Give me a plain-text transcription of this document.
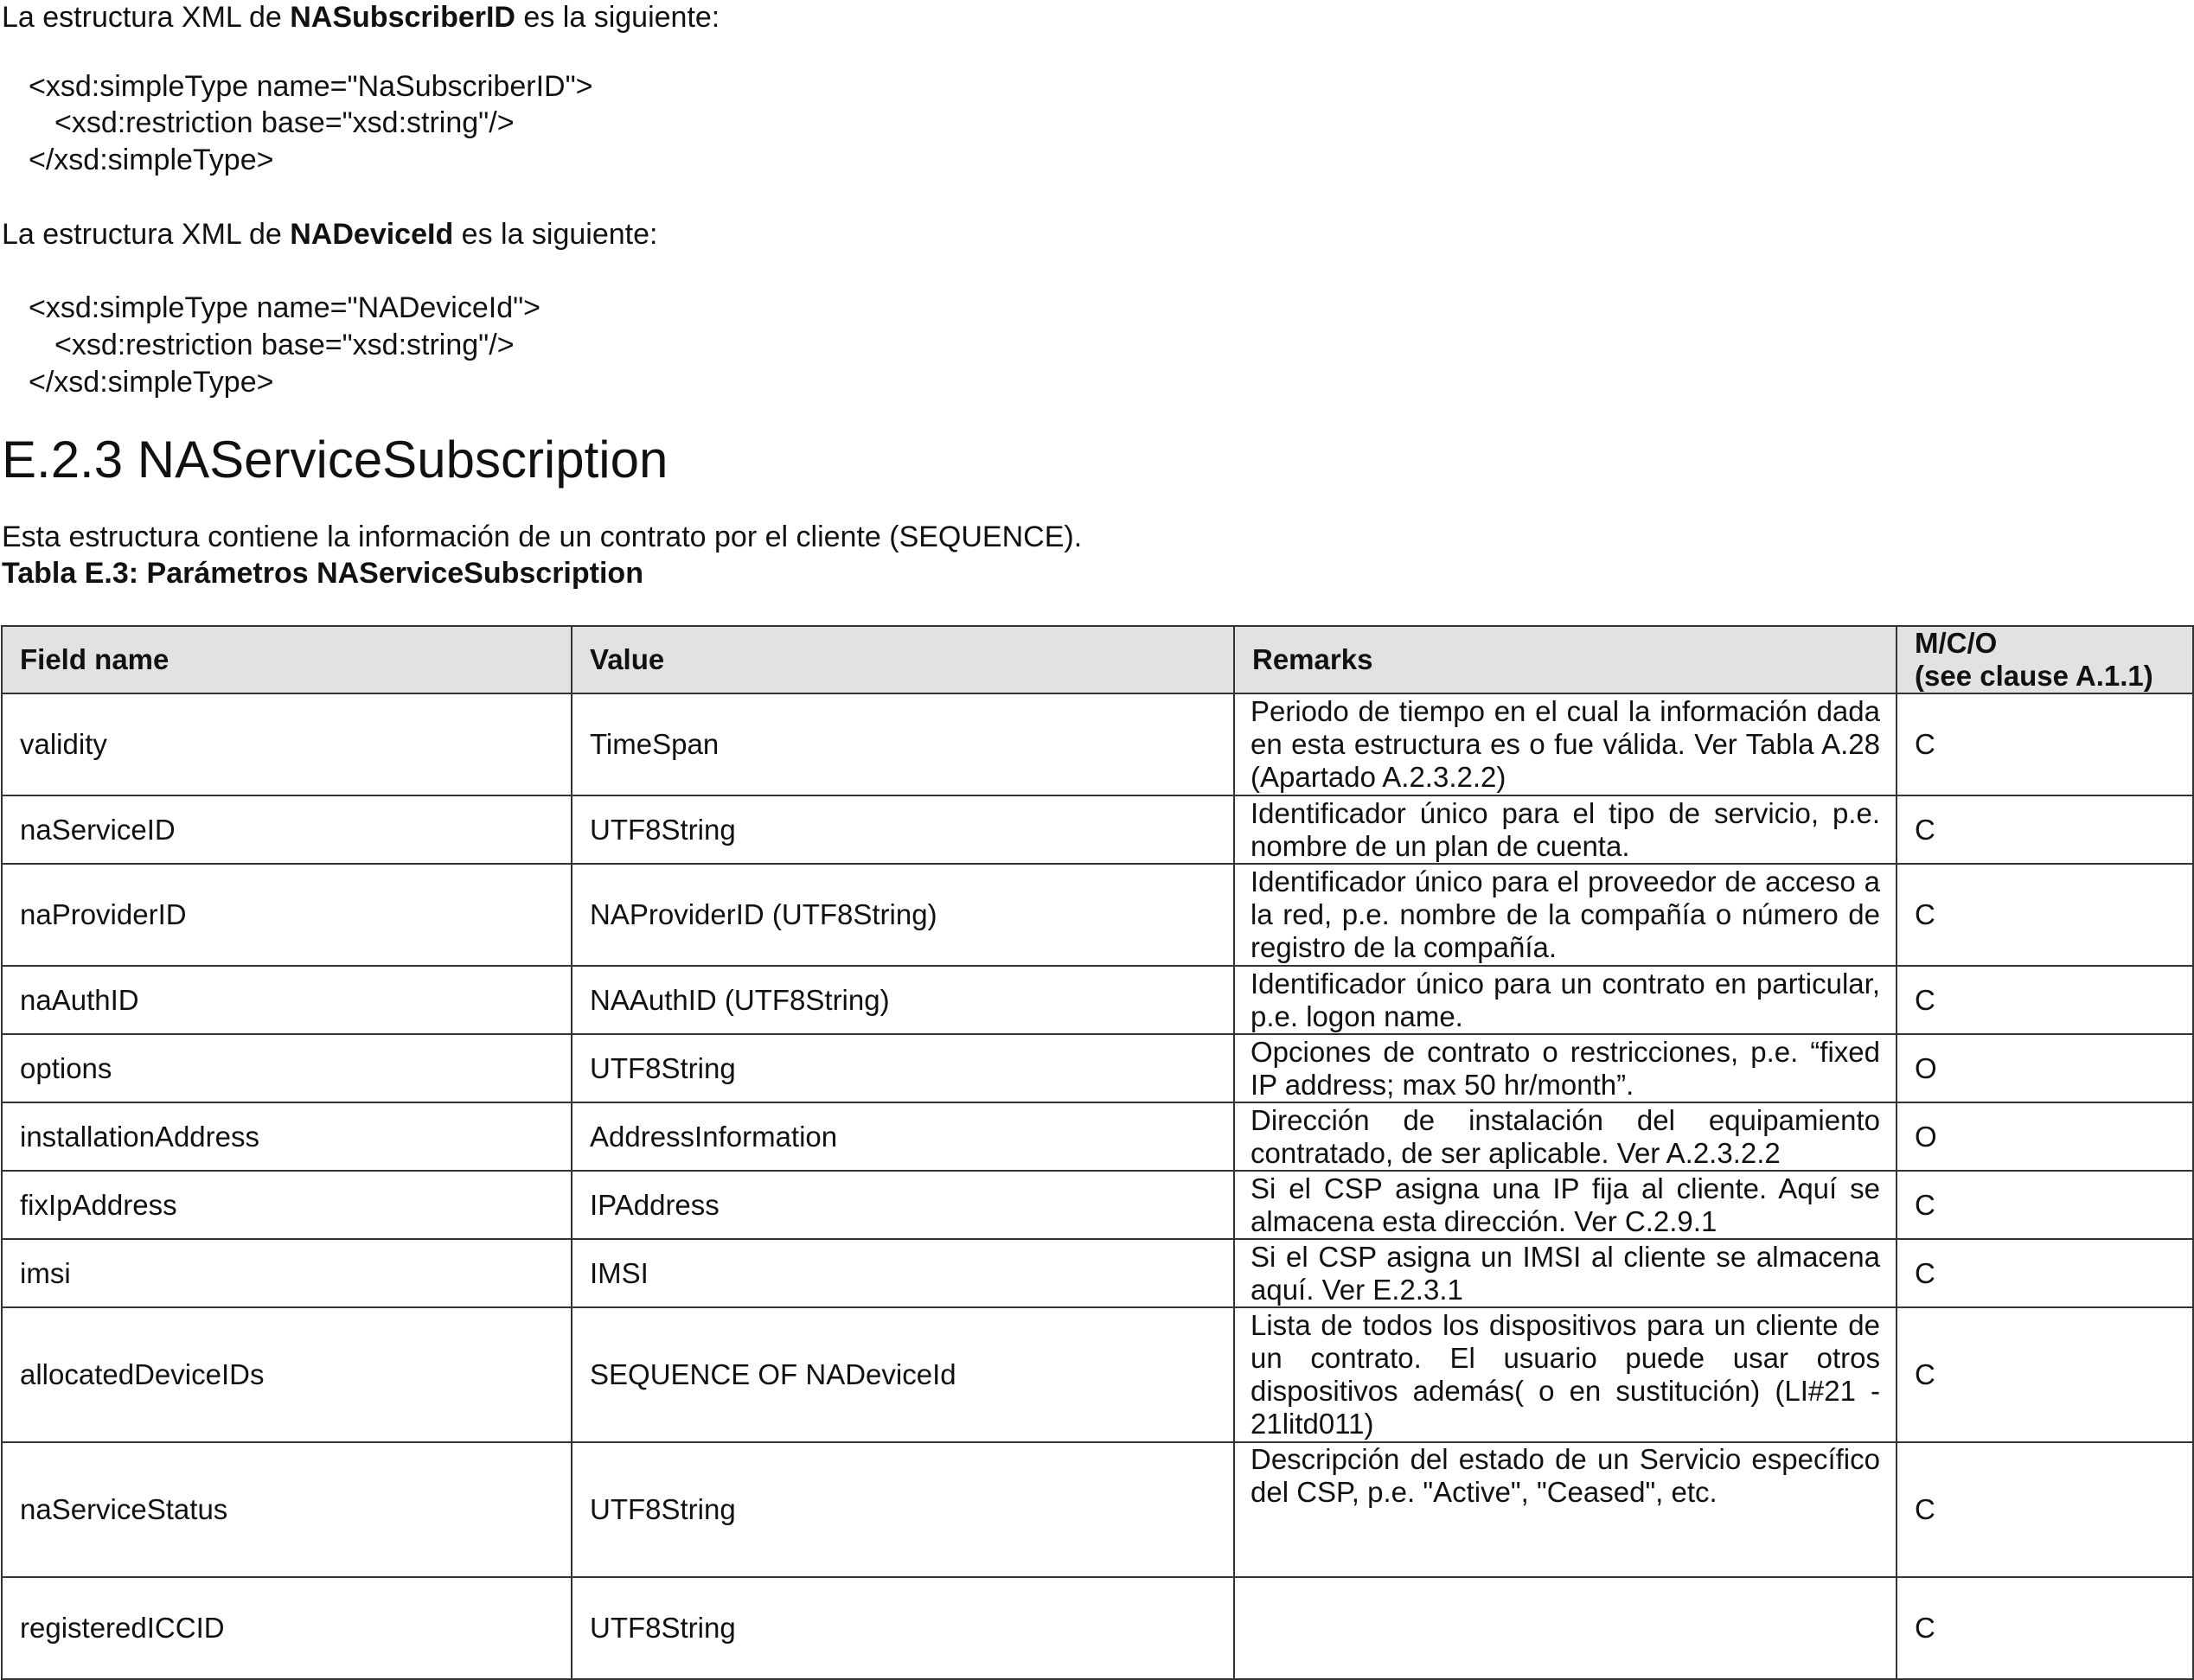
La estructura XML de NASubscriberID es la siguiente:
<xsd:simpleType name="NaSubscriberID">
<xsd:restriction base="xsd:string"/>
</xsd:simpleType>
La estructura XML de NADeviceId es la siguiente:
<xsd:simpleType name="NADeviceId">
<xsd:restriction base="xsd:string"/>
</xsd:simpleType>
E.2.3 NAServiceSubscription
Esta estructura contiene la información de un contrato por el cliente (SEQUENCE).
Tabla E.3: Parámetros NAServiceSubscription
Field name	Value	Remarks	M/C/O
(see clause A.1.1)

validity	TimeSpan	Periodo de tiempo en el cual la información dada en esta estructura es o fue válida. Ver Tabla A.28 (Apartado A.2.3.2.2)	C
naServiceID	UTF8String	Identificador único para el tipo de servicio, p.e. nombre de un plan de cuenta.	C
naProviderID	NAProviderID (UTF8String)	Identificador único para el proveedor de acceso a la red, p.e. nombre de la compañía o número de registro de la compañía.	C
naAuthID	NAAuthID (UTF8String)	Identificador único para un contrato en particular, p.e. logon name.	C
options	UTF8String	Opciones de contrato o restricciones, p.e. “fixed IP address; max 50 hr/month”.	O
installationAddress	AddressInformation	Dirección de instalación del equipamiento contratado, de ser aplicable. Ver A.2.3.2.2	O
fixIpAddress	IPAddress	Si el CSP asigna una IP fija al cliente. Aquí se almacena esta dirección. Ver C.2.9.1	C
imsi	IMSI	Si el CSP asigna un IMSI al cliente se almacena aquí. Ver E.2.3.1	C
allocatedDeviceIDs	SEQUENCE OF NADeviceId	Lista de todos los dispositivos para un cliente de un contrato. El usuario puede usar otros dispositivos además( o en sustitución) (LI#21 - 21litd011)	C
naServiceStatus	UTF8String	Descripción del estado de un Servicio específico del CSP, p.e. "Active", "Ceased", etc.	C
registeredICCID	UTF8String		C
